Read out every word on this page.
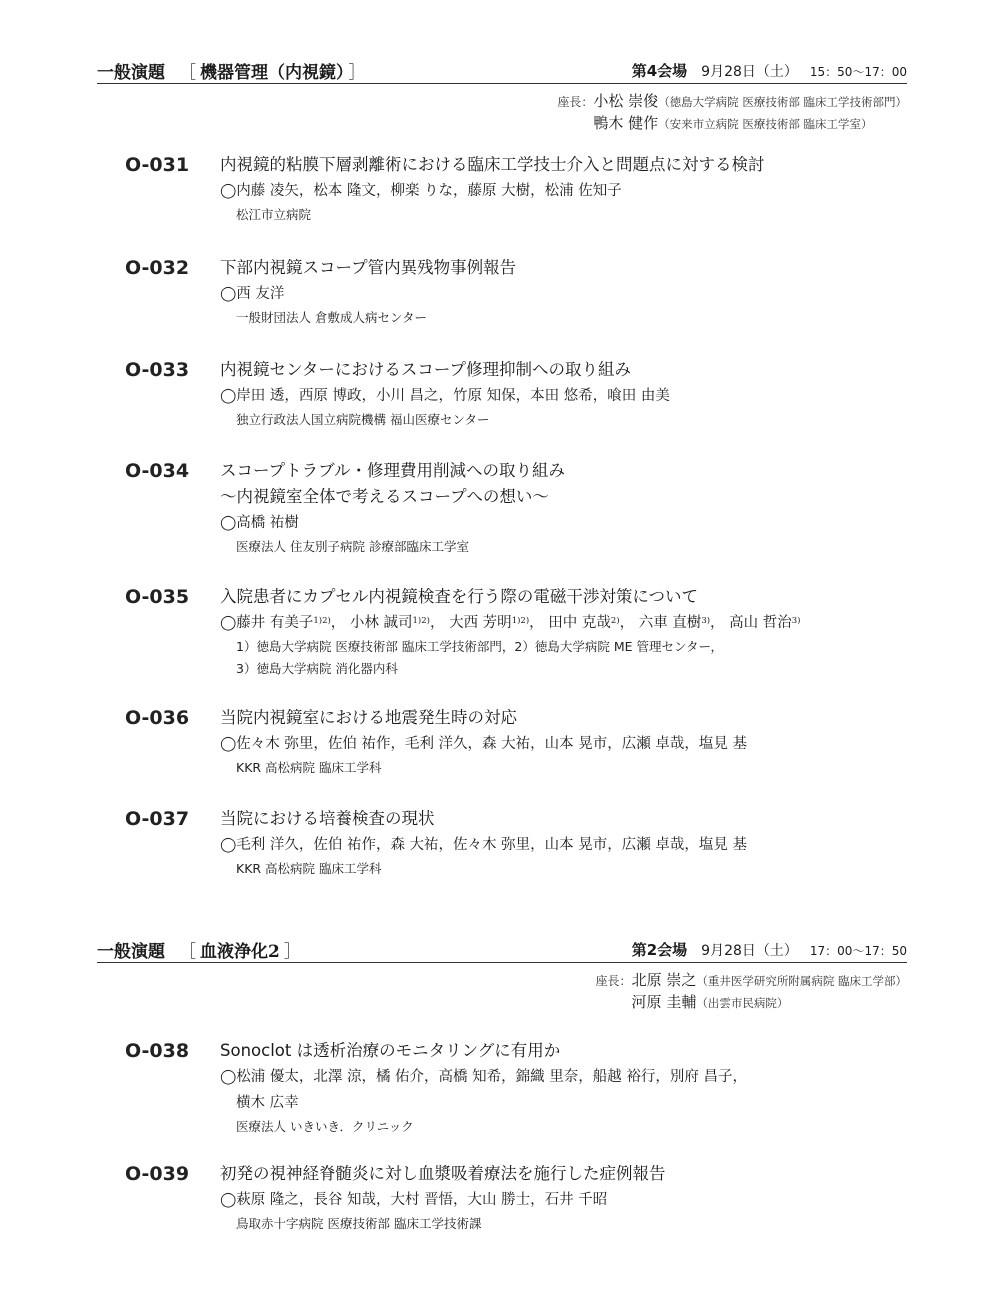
一般演題 ［ 機器管理（内視鏡） ］	第4会場 9月28日（土） 15：50〜17：00
座長：小松 崇俊（徳島大学病院 医療技術部 臨床工学技術部門）
鴨木 健作（安来市立病院 医療技術部 臨床工学室）
O-031 内視鏡的粘膜下層剥離術における臨床工学技士介入と問題点に対する検討
◯内藤 凌矢，松本 隆文，柳楽 りな，藤原 大樹，松浦 佐知子
松江市立病院
O-032 下部内視鏡スコープ管内異残物事例報告
◯西 友洋
一般財団法人 倉敷成人病センター
O-033 内視鏡センターにおけるスコープ修理抑制への取り組み
◯岸田 透，西原 博政，小川 昌之，竹原 知保，本田 悠希，喰田 由美
独立行政法人国立病院機構 福山医療センター
O-034 スコープトラブル・修理費用削減への取り組み
〜内視鏡室全体で考えるスコープへの想い〜
◯高橋 祐樹
医療法人 住友別子病院 診療部臨床工学室
O-035 入院患者にカプセル内視鏡検査を行う際の電磁干渉対策について
◯藤井 有美子$^{1)2)}$， 小林 誠司$^{1)2)}$， 大西 芳明$^{1)2)}$， 田中 克哉$^{2)}$， 六車 直樹$^{3)}$， 高山 哲治$^{3)}$
1）徳島大学病院 医療技術部 臨床工学技術部門，2）徳島大学病院 ME 管理センター，
3）徳島大学病院 消化器内科
O-036 当院内視鏡室における地震発生時の対応
◯佐々木 弥里，佐伯 祐作，毛利 洋久，森 大祐，山本 晃市，広瀬 卓哉，塩見 基
KKR 高松病院 臨床工学科
O-037 当院における培養検査の現状
◯毛利 洋久，佐伯 祐作，森 大祐，佐々木 弥里，山本 晃市，広瀬 卓哉，塩見 基
KKR 高松病院 臨床工学科
一般演題 ［ 血液浄化2 ］	第2会場 9月28日（土） 17：00〜17：50
座長：北原 崇之（重井医学研究所附属病院 臨床工学部）
河原 圭輔（出雲市民病院）
O-038 Sonoclot は透析治療のモニタリングに有用か
◯松浦 優太，北澤 涼，橘 佑介，高橋 知希，錦織 里奈，船越 裕行，別府 昌子，
横木 広幸
医療法人 いきいき．クリニック
O-039 初発の視神経脊髄炎に対し血漿吸着療法を施行した症例報告
◯萩原 隆之，長谷 知哉，大村 晋悟，大山 勝士，石井 千昭
鳥取赤十字病院 医療技術部 臨床工学技術課
